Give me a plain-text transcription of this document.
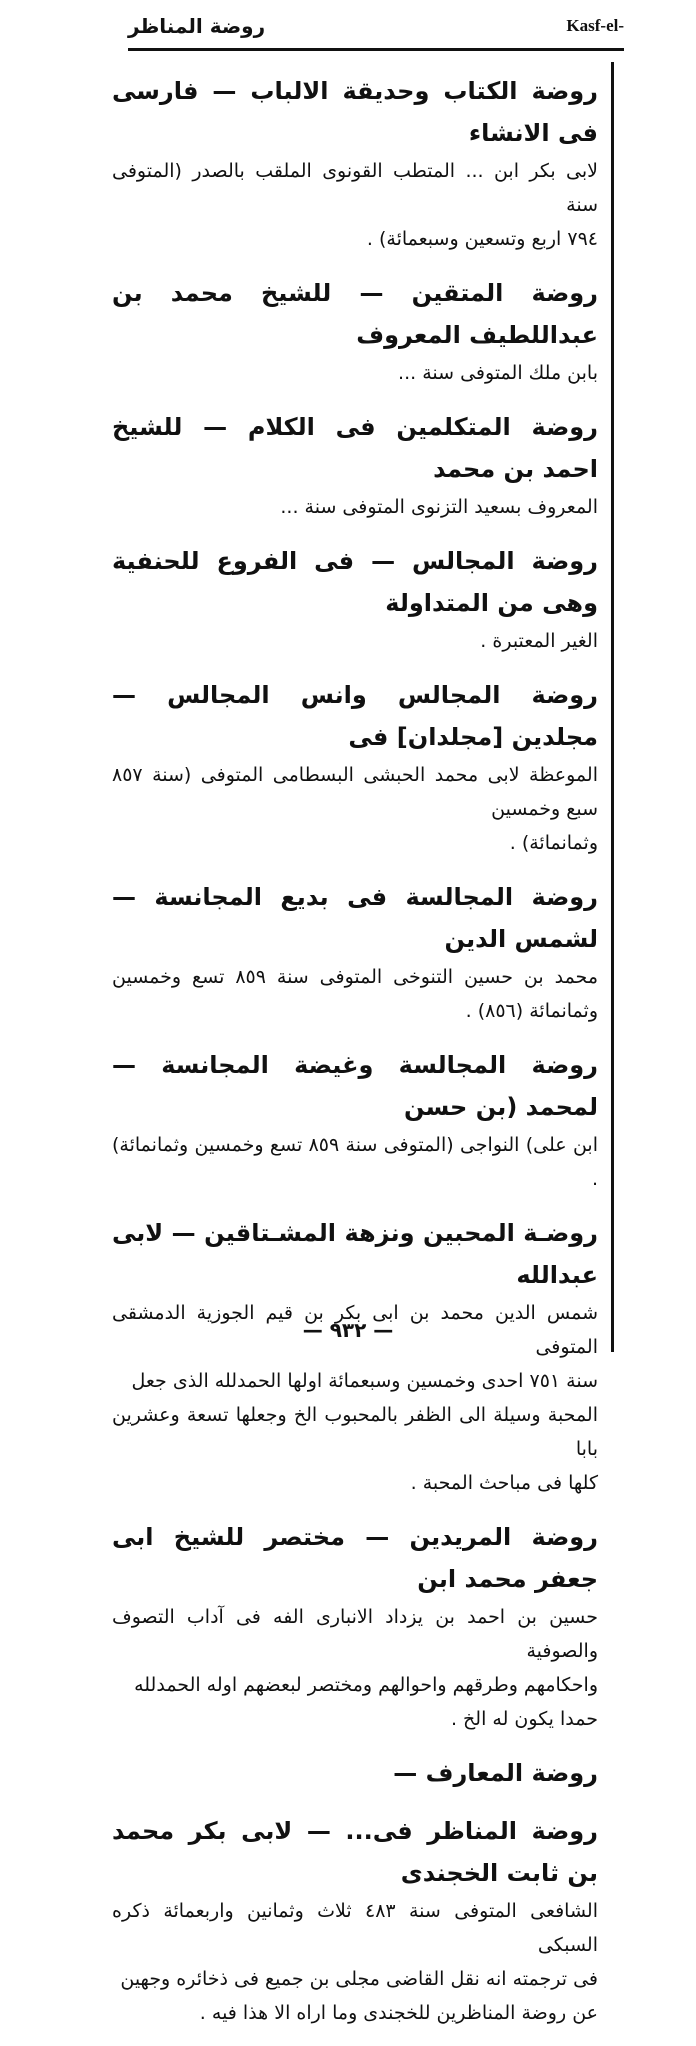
روضة المناظر	Kasf-el-
روضة الكتاب وحديقة الالباب — فارسى فى الانشاء
لابى بكر ابن ... المتطب القونوى الملقب بالصدر (المتوفى سنة
٧٩٤ اربع وتسعين وسبعمائة) .
روضة المتقين — للشيخ محمد بن عبداللطيف المعروف
بابن ملك المتوفى سنة ...
روضة المتكلمين فى الكلام — للشيخ احمد بن محمد
المعروف بسعيد التزنوى المتوفى سنة ...
روضة المجالس — فى الفروع للحنفية وهى من المتداولة
الغير المعتبرة .
روضة المجالس وانس المجالس — مجلدين [مجلدان] فى
الموعظة لابى محمد الحبشى البسطامى المتوفى (سنة ٨٥٧ سبع وخمسين
وثمانمائة) .
روضة المجالسة فى بديع المجانسة — لشمس الدين
محمد بن حسين التنوخى المتوفى سنة ٨٥٩ تسع وخمسين وثمانمائة (٨٥٦) .
روضة المجالسة وغيضة المجانسة — لمحمد (بن حسن
ابن على) النواجى (المتوفى سنة ٨٥٩ تسع وخمسين وثمانمائة) .
روضـة المحبين ونزهة المشـتاقين — لابى عبدالله
شمس الدين محمد بن ابى بكر بن قيم الجوزية الدمشقى المتوفى
سنة ٧٥١ احدى وخمسين وسبعمائة اولها الحمدلله الذى جعل
المحبة وسيلة الى الظفر بالمحبوب الخ وجعلها تسعة وعشرين بابا
كلها فى مباحث المحبة .
روضة المريدين — مختصر للشيخ ابى جعفر محمد ابن
حسين بن احمد بن يزداد الانبارى الفه فى آداب التصوف والصوفية
واحكامهم وطرقهم واحوالهم ومختصر لبعضهم اوله الحمدلله
حمدا يكون له الخ .
روضة المعارف —
روضة المناظر فى... — لابى بكر محمد بن ثابت الخجندى
الشافعى المتوفى سنة ٤٨٣ ثلاث وثمانين واربعمائة ذكره السبكى
فى ترجمته انه نقل القاضى مجلى بن جميع فى ذخائره وجهين
عن روضة المناظرين للخجندى وما اراه الا هذا فيه .
— ٩٣٢ —
